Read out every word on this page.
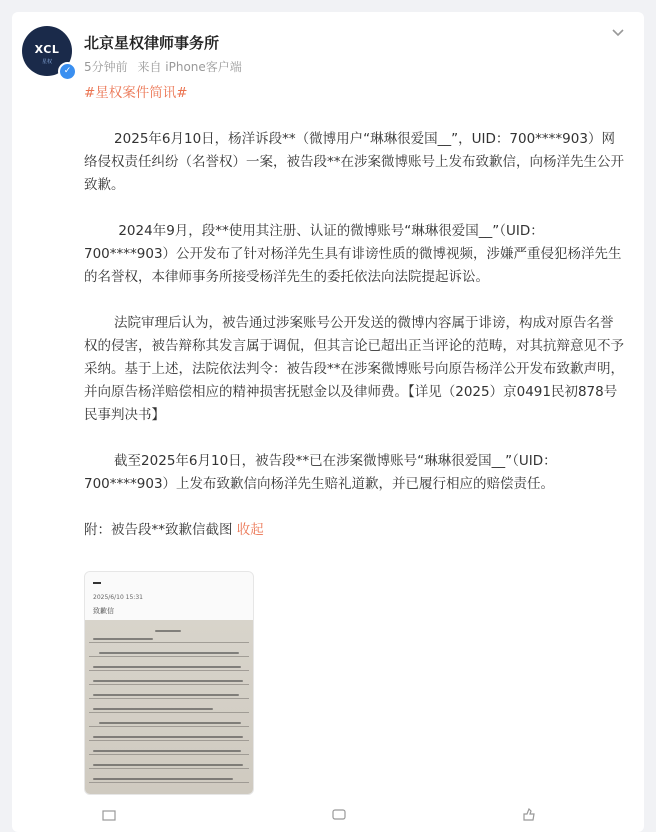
XCL
星权
✓
北京星权律师事务所
5分钟前 来自 iPhone客户端

#星权案件简讯#

2025年6月10日，杨洋诉段**（微博用户“琳琳很爱国__”，UID：700****903）网络侵权责任纠纷（名誉权）一案，被告段**在涉案微博账号上发布致歉信，向杨洋先生公开致歉。

2024年9月，段**使用其注册、认证的微博账号“琳琳很爱国__”（UID：700****903）公开发布了针对杨洋先生具有诽谤性质的微博视频，涉嫌严重侵犯杨洋先生的名誉权，本律师事务所接受杨洋先生的委托依法向法院提起诉讼。

法院审理后认为，被告通过涉案账号公开发送的微博内容属于诽谤，构成对原告名誉权的侵害，被告辩称其发言属于调侃，但其言论已超出正当评论的范畴，对其抗辩意见不予采纳。基于上述，法院依法判令：被告段**在涉案微博账号向原告杨洋公开发布致歉声明，并向原告杨洋赔偿相应的精神损害抚慰金以及律师费。【详见（2025）京0491民初878号民事判决书】

截至2025年6月10日，被告段**已在涉案微博账号“琳琳很爱国__”（UID：700****903）上发布致歉信向杨洋先生赔礼道歉，并已履行相应的赔偿责任。

附：被告段**致歉信截图 收起

2025/6/10 15:31
致歉信
